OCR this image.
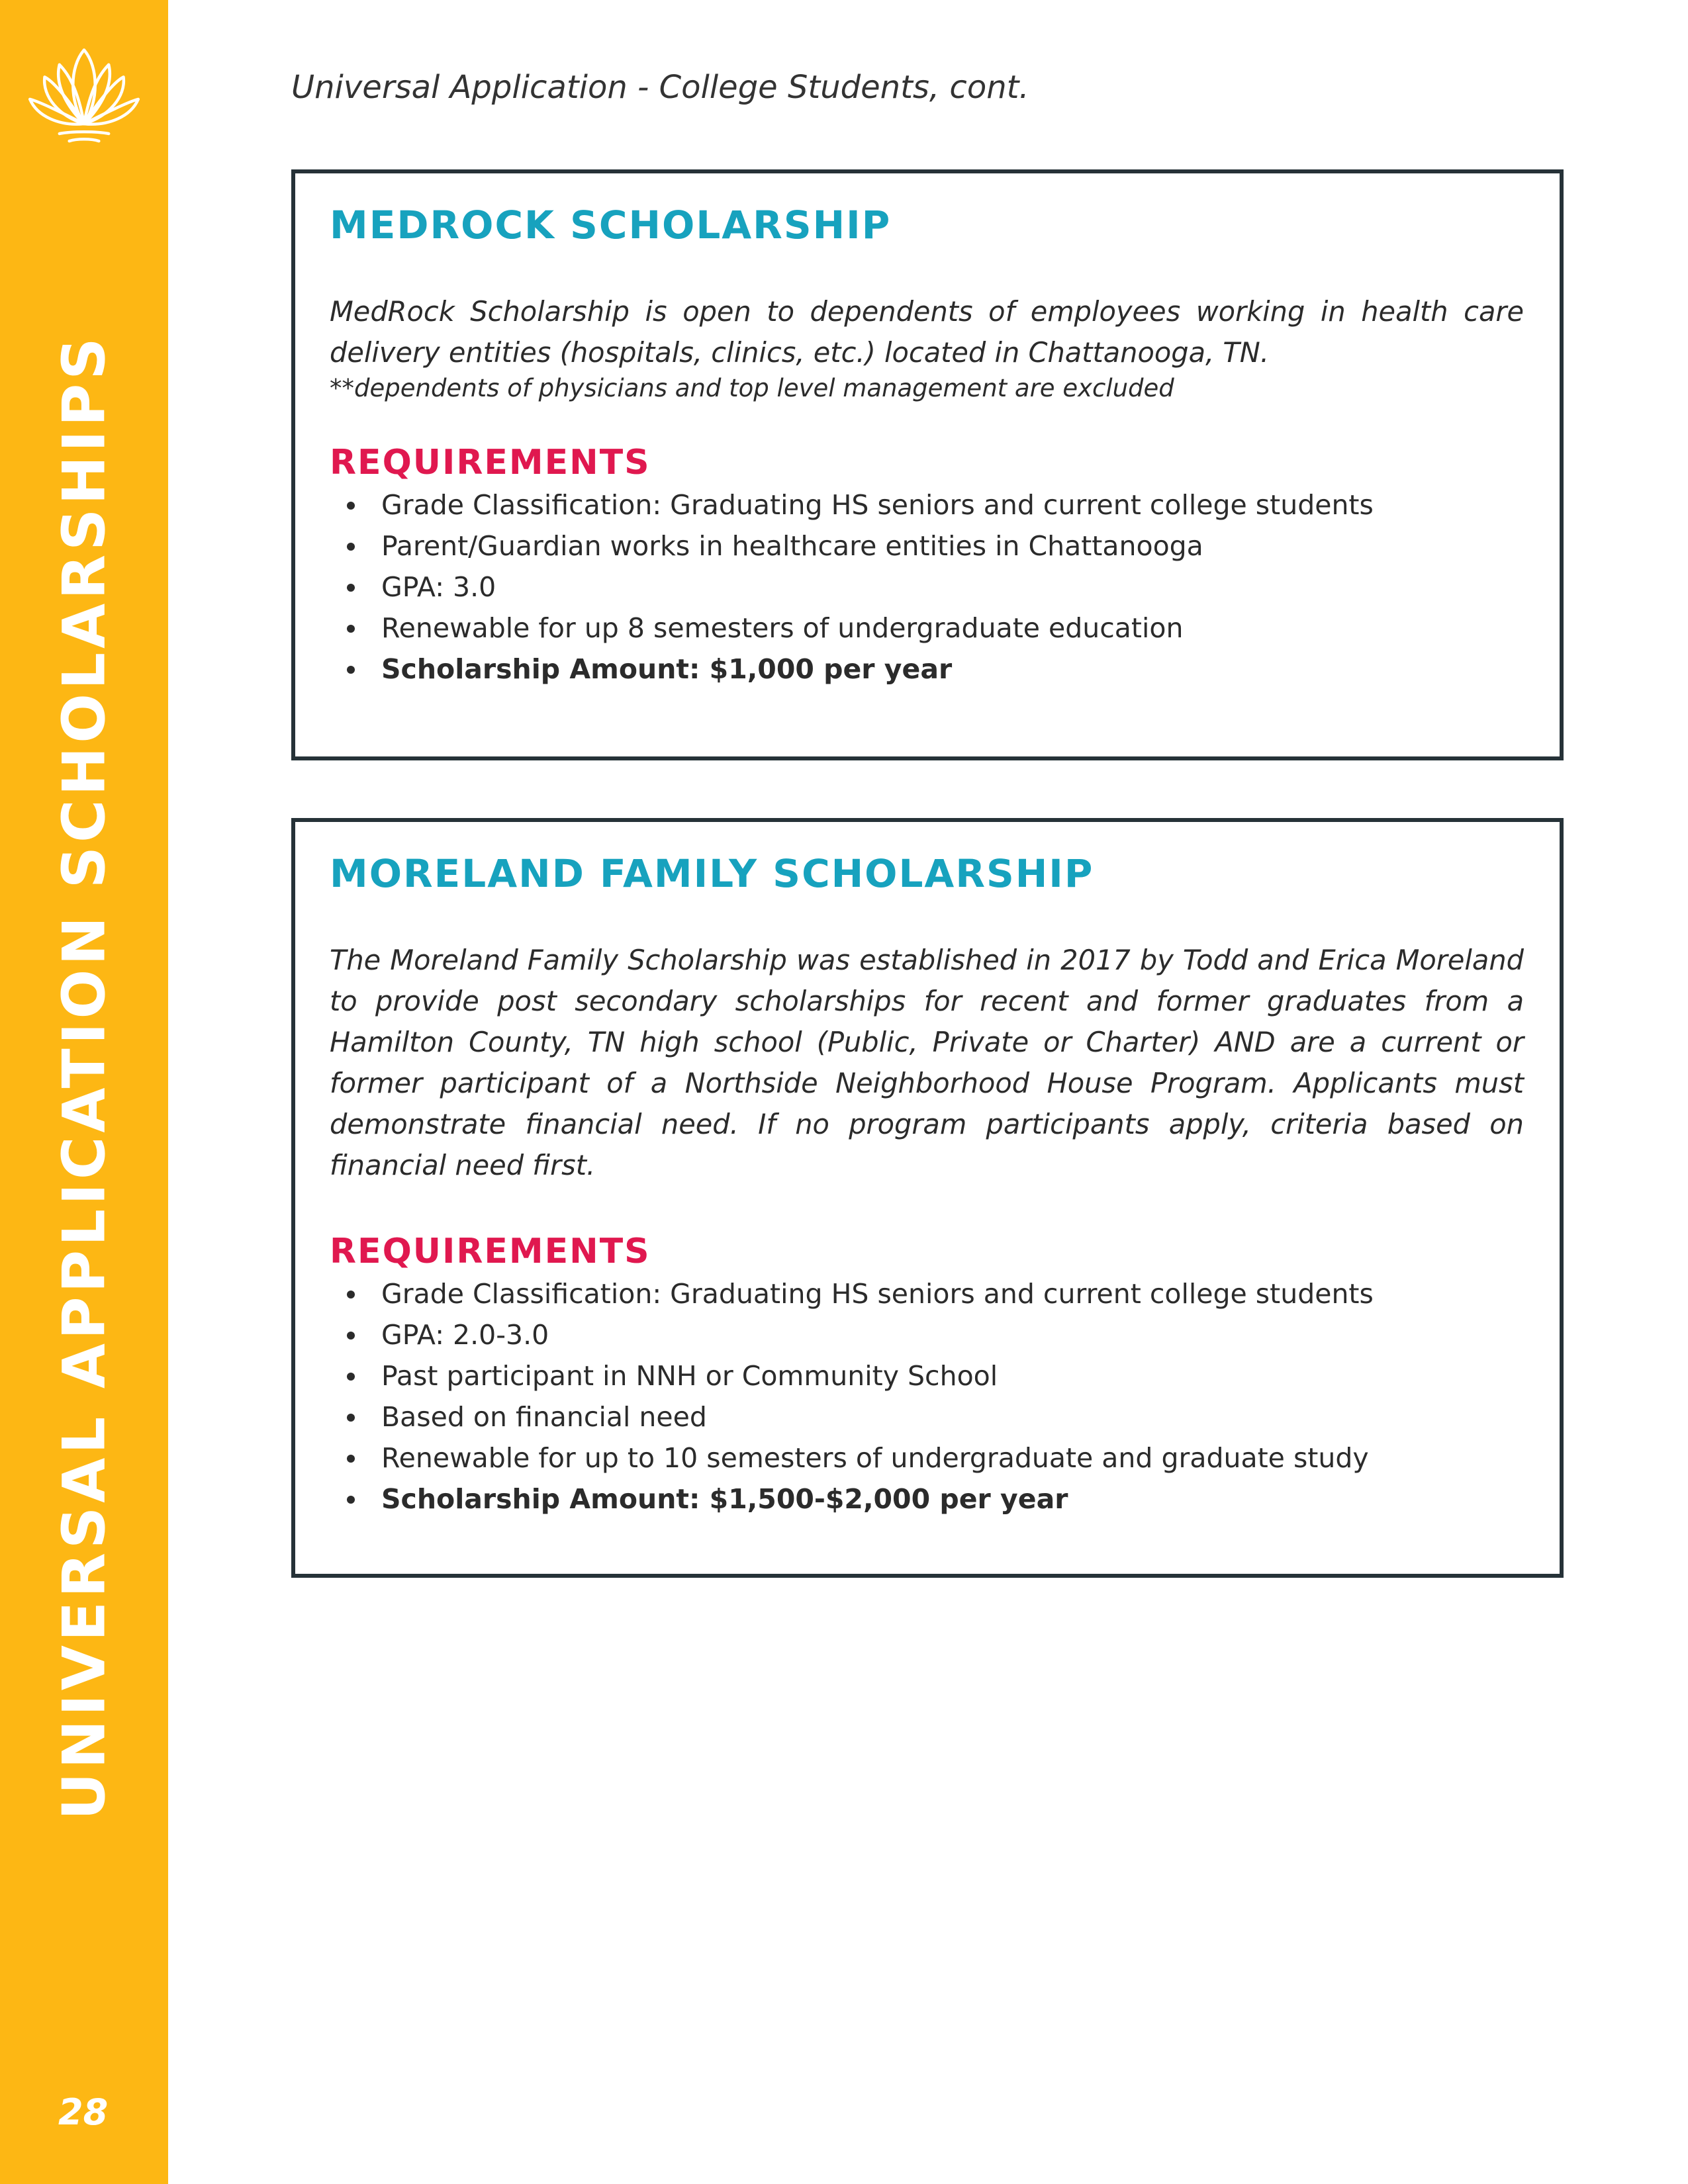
UNIVERSAL APPLICATION SCHOLARSHIPS
28
Universal Application - College Students, cont.
MEDROCK SCHOLARSHIP

MedRock Scholarship is open to dependents of employees working in health care delivery entities (hospitals, clinics, etc.) located in Chattanooga, TN.

**dependents of physicians and top level management are excluded

REQUIREMENTS
Grade Classification: Graduating HS seniors and current college students
Parent/Guardian works in healthcare entities in Chattanooga
GPA: 3.0
Renewable for up 8 semesters of undergraduate education
Scholarship Amount: $1,000 per year
MORELAND FAMILY SCHOLARSHIP

The Moreland Family Scholarship was established in 2017 by Todd and Erica Moreland to provide post secondary scholarships for recent and former graduates from a Hamilton County, TN high school (Public, Private or Charter) AND are a current or former participant of a Northside Neighborhood House Program. Applicants must demonstrate financial need. If no program participants apply, criteria based on financial need first.

REQUIREMENTS
Grade Classification: Graduating HS seniors and current college students
GPA: 2.0-3.0
Past participant in NNH or Community School
Based on financial need
Renewable for up to 10 semesters of undergraduate and graduate study
Scholarship Amount: $1,500-$2,000 per year
